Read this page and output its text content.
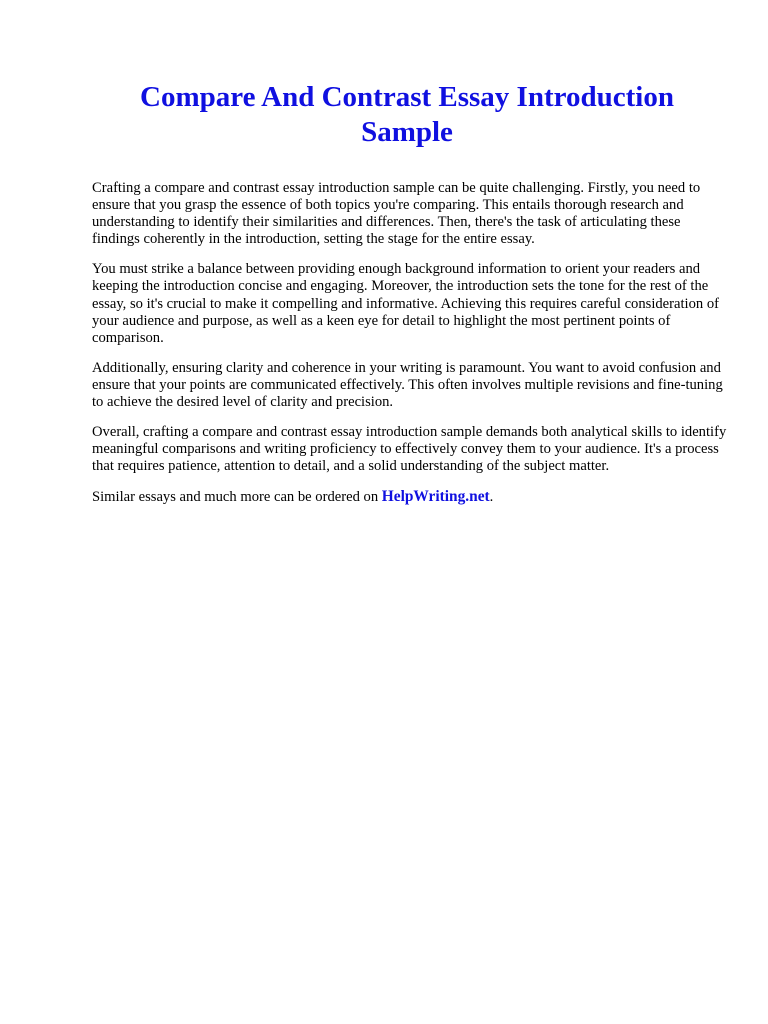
Compare And Contrast Essay Introduction Sample

Crafting a compare and contrast essay introduction sample can be quite challenging. Firstly, you need to ensure that you grasp the essence of both topics you're comparing. This entails thorough research and understanding to identify their similarities and differences. Then, there's the task of articulating these findings coherently in the introduction, setting the stage for the entire essay.

You must strike a balance between providing enough background information to orient your readers and keeping the introduction concise and engaging. Moreover, the introduction sets the tone for the rest of the essay, so it's crucial to make it compelling and informative. Achieving this requires careful consideration of your audience and purpose, as well as a keen eye for detail to highlight the most pertinent points of comparison.

Additionally, ensuring clarity and coherence in your writing is paramount. You want to avoid confusion and ensure that your points are communicated effectively. This often involves multiple revisions and fine-tuning to achieve the desired level of clarity and precision.

Overall, crafting a compare and contrast essay introduction sample demands both analytical skills to identify meaningful comparisons and writing proficiency to effectively convey them to your audience. It's a process that requires patience, attention to detail, and a solid understanding of the subject matter.

Similar essays and much more can be ordered on HelpWriting.net.
